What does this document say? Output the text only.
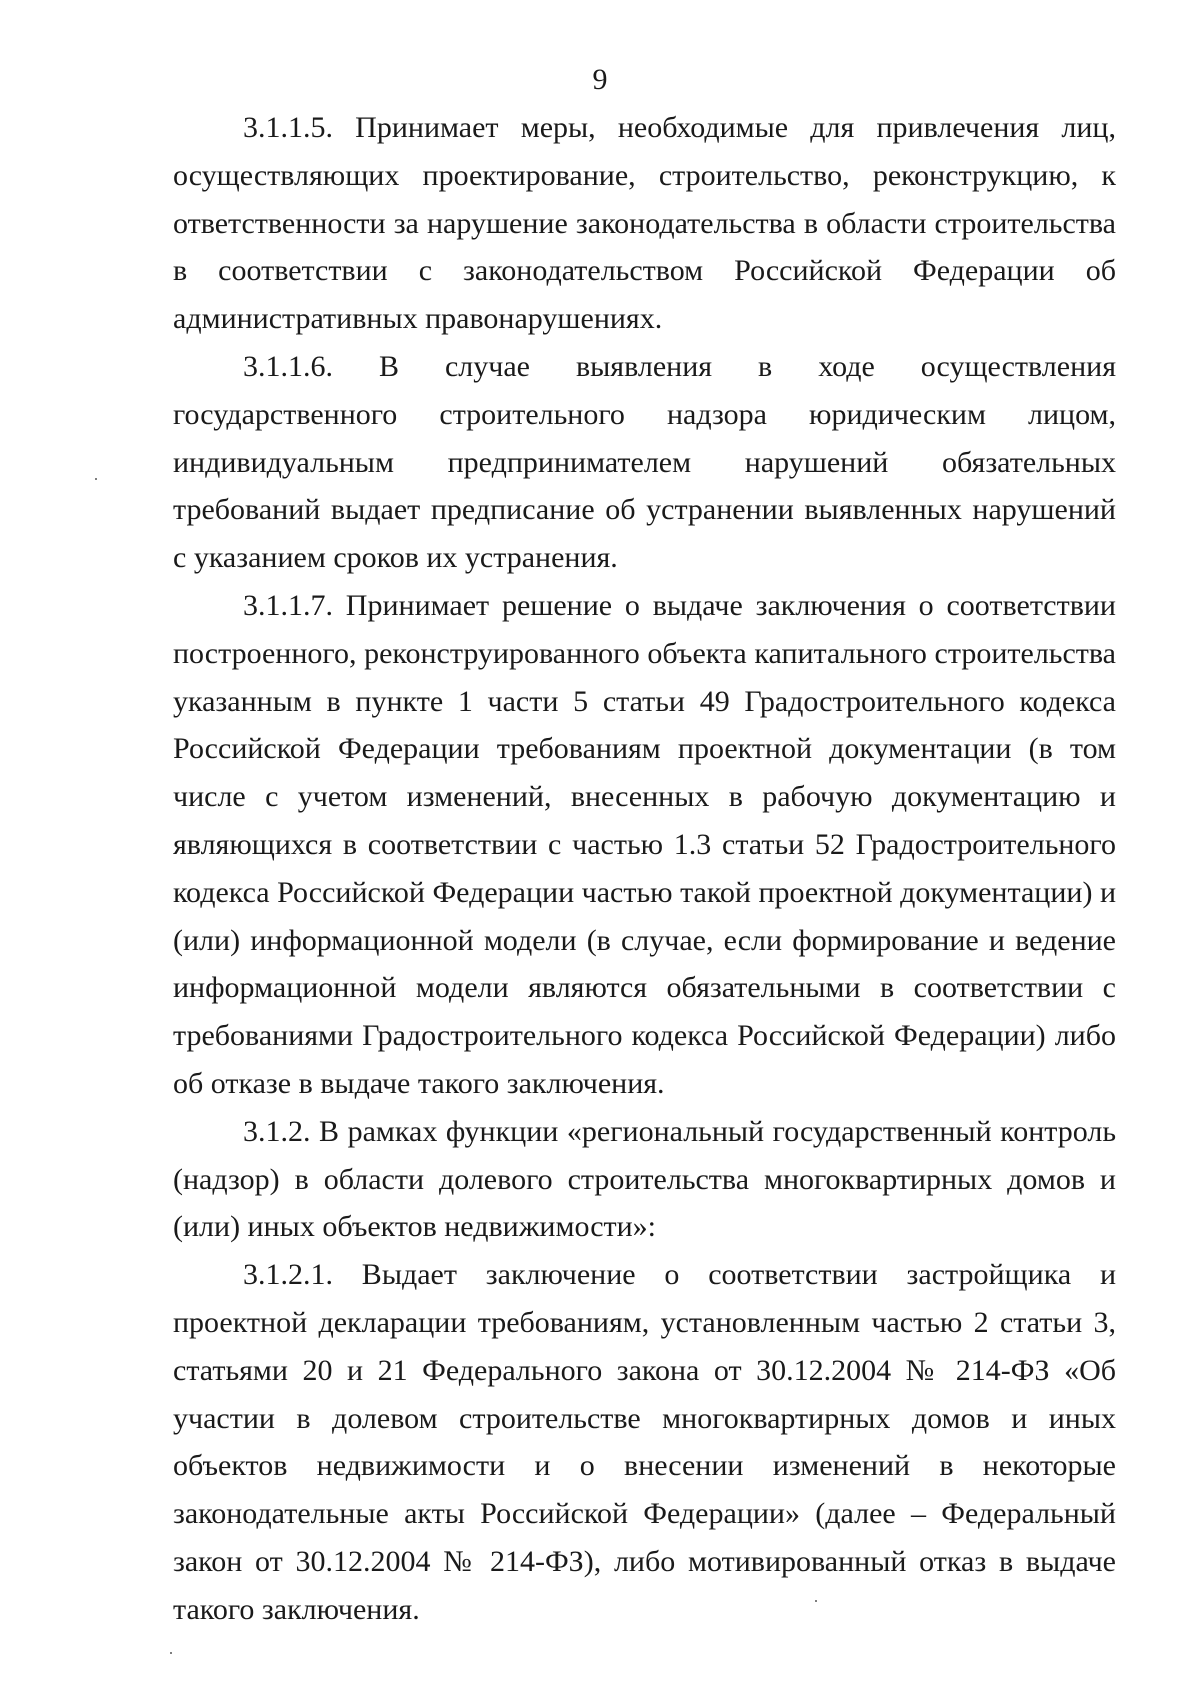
9

3.1.1.5. Принимает меры, необходимые для привлечения лиц, осуществляющих проектирование, строительство, реконструкцию, к ответственности за нарушение законодательства в области строительства в соответствии с законодательством Российской Федерации об административных правонарушениях.

3.1.1.6. В случае выявления в ходе осуществления государственного строительного надзора юридическим лицом, индивидуальным предпринимателем нарушений обязательных требований выдает предписание об устранении выявленных нарушений с указанием сроков их устранения.

3.1.1.7. Принимает решение о выдаче заключения о соответствии построенного, реконструированного объекта капитального строительства указанным в пункте 1 части 5 статьи 49 Градостроительного кодекса Российской Федерации требованиям проектной документации (в том числе с учетом изменений, внесенных в рабочую документацию и являющихся в соответствии с частью 1.3 статьи 52 Градостроительного кодекса Российской Федерации частью такой проектной документации) и (или) информационной модели (в случае, если формирование и ведение информационной модели являются обязательными в соответствии с требованиями Градостроительного кодекса Российской Федерации) либо об отказе в выдаче такого заключения.

3.1.2. В рамках функции «региональный государственный контроль (надзор) в области долевого строительства многоквартирных домов и (или) иных объектов недвижимости»:

3.1.2.1. Выдает заключение о соответствии застройщика и проектной декларации требованиям, установленным частью 2 статьи 3, статьями 20 и 21 Федерального закона от 30.12.2004 № 214-ФЗ «Об участии в долевом строительстве многоквартирных домов и иных объектов недвижимости и о внесении изменений в некоторые законодательные акты Российской Федерации» (далее – Федеральный закон от 30.12.2004 № 214-ФЗ), либо мотивированный отказ в выдаче такого заключения.
